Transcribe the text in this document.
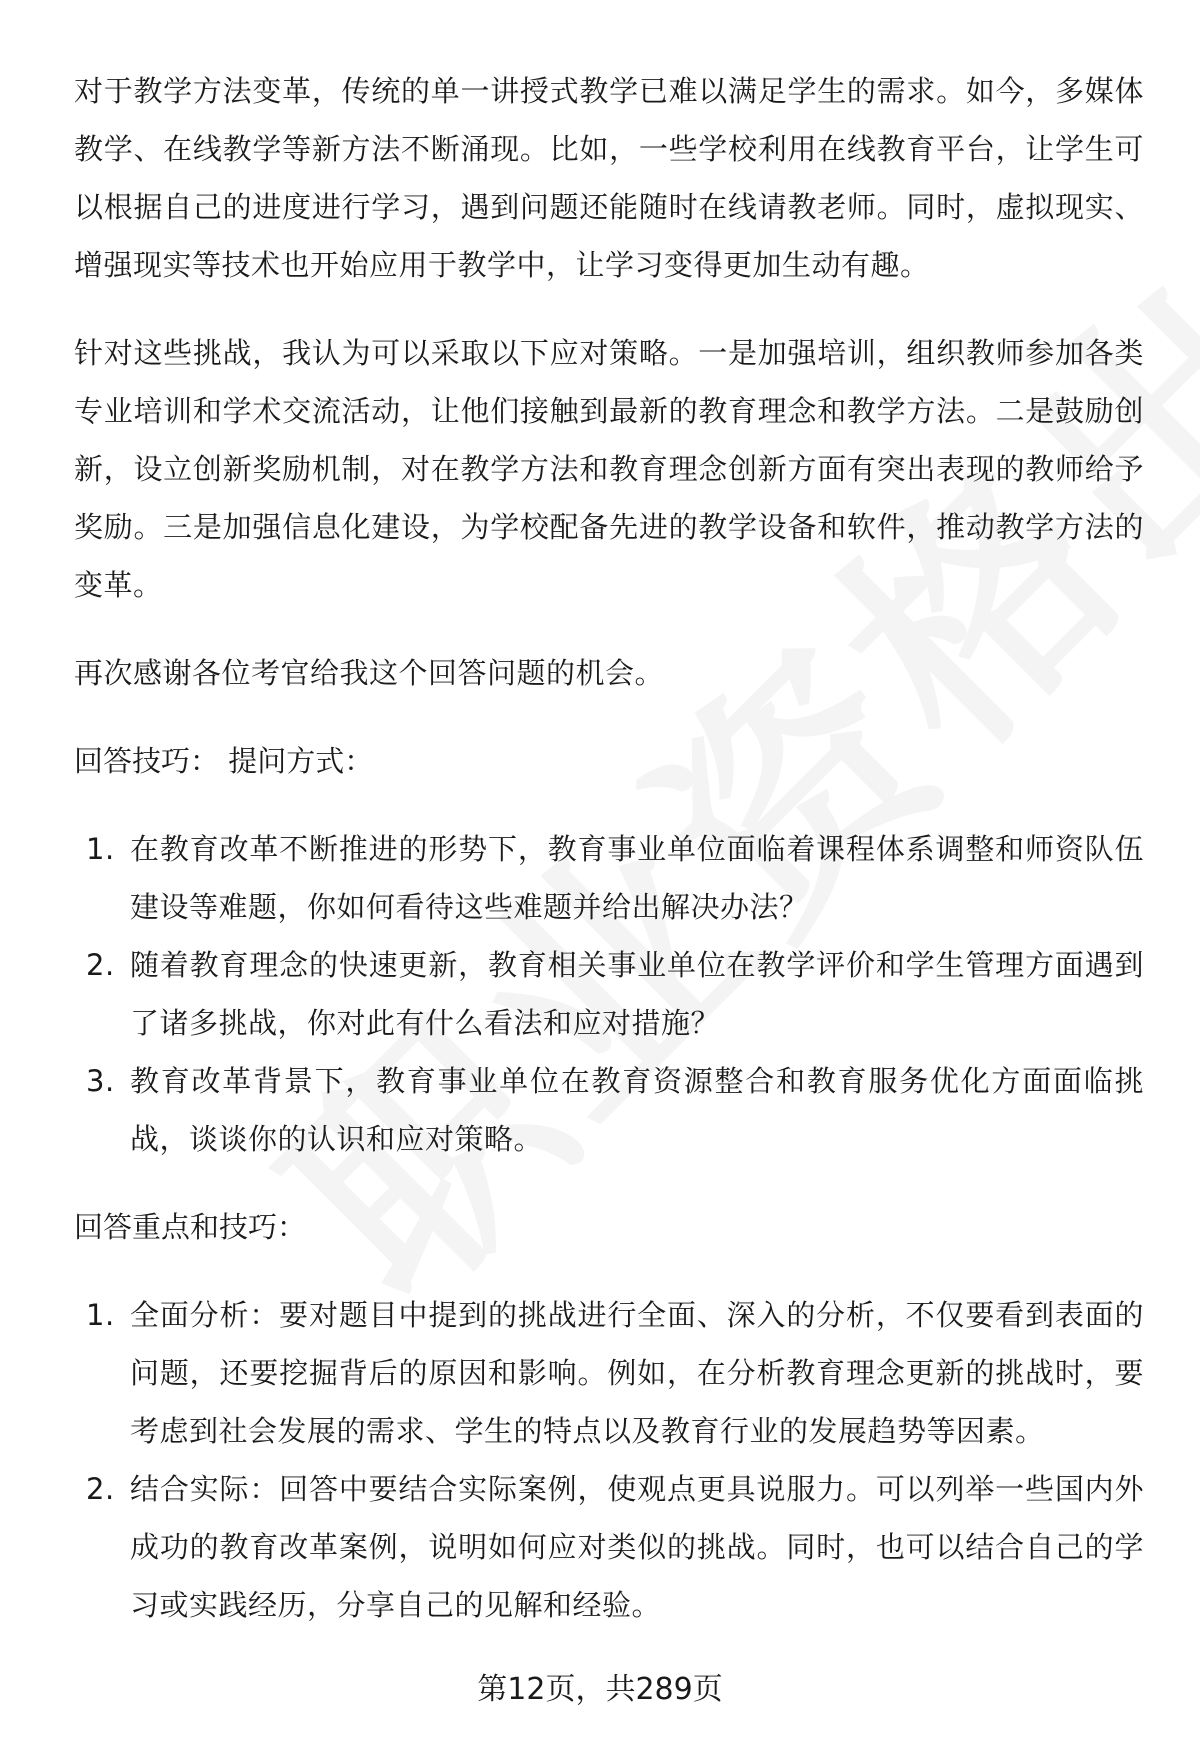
对于教学方法变革，传统的单一讲授式教学已难以满足学生的需求。如今，多媒体教学、在线教学等新方法不断涌现。比如，一些学校利用在线教育平台，让学生可以根据自己的进度进行学习，遇到问题还能随时在线请教老师。同时，虚拟现实、增强现实等技术也开始应用于教学中，让学习变得更加生动有趣。

针对这些挑战，我认为可以采取以下应对策略。一是加强培训，组织教师参加各类专业培训和学术交流活动，让他们接触到最新的教育理念和教学方法。二是鼓励创新，设立创新奖励机制，对在教学方法和教育理念创新方面有突出表现的教师给予奖励。三是加强信息化建设，为学校配备先进的教学设备和软件，推动教学方法的变革。

再次感谢各位考官给我这个回答问题的机会。

回答技巧： 提问方式：
1. 在教育改革不断推进的形势下，教育事业单位面临着课程体系调整和师资队伍建设等难题，你如何看待这些难题并给出解决办法？
2. 随着教育理念的快速更新，教育相关事业单位在教学评价和学生管理方面遇到了诸多挑战，你对此有什么看法和应对措施？
3. 教育改革背景下，教育事业单位在教育资源整合和教育服务优化方面面临挑战，谈谈你的认识和应对策略。
回答重点和技巧：
1. 全面分析：要对题目中提到的挑战进行全面、深入的分析，不仅要看到表面的问题，还要挖掘背后的原因和影响。例如，在分析教育理念更新的挑战时，要考虑到社会发展的需求、学生的特点以及教育行业的发展趋势等因素。
2. 结合实际：回答中要结合实际案例，使观点更具说服力。可以列举一些国内外成功的教育改革案例，说明如何应对类似的挑战。同时，也可以结合自己的学习或实践经历，分享自己的见解和经验。
第12页，共289页
